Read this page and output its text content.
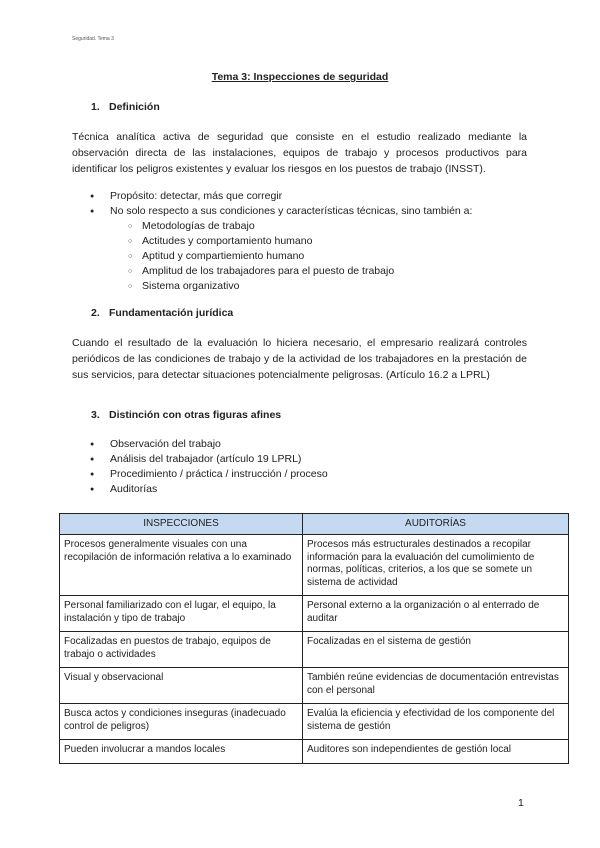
Seguridad. Tema 3
Tema 3: Inspecciones de seguridad
1. Definición
Técnica analítica activa de seguridad que consiste en el estudio realizado mediante la observación directa de las instalaciones, equipos de trabajo y procesos productivos para identificar los peligros existentes y evaluar los riesgos en los puestos de trabajo (INSST).
● Propósito: detectar, más que corregir
● No solo respecto a sus condiciones y características técnicas, sino también a:
○ Metodologías de trabajo
○ Actitudes y comportamiento humano
○ Aptitud y compartiemiento humano
○ Amplitud de los trabajadores para el puesto de trabajo
○ Sistema organizativo
2. Fundamentación jurídica
Cuando el resultado de la evaluación lo hiciera necesario, el empresario realizará controles periódicos de las condiciones de trabajo y de la actividad de los trabajadores en la prestación de sus servicios, para detectar situaciones potencialmente peligrosas. (Artículo 16.2 a LPRL)
3. Distinción con otras figuras afines
● Observación del trabajo
● Análisis del trabajador (artículo 19 LPRL)
● Procedimiento / práctica / instrucción / proceso
● Auditorías
INSPECCIONES	AUDITORÍAS
Procesos generalmente visuales con una recopilación de información relativa a lo examinado	Procesos más estructurales destinados a recopilar información para la evaluación del cumolimiento de normas, políticas, criterios, a los que se somete un sistema de actividad
Personal familiarizado con el lugar, el equipo, la instalación y tipo de trabajo	Personal externo a la organización o al enterrado de auditar
Focalizadas en puestos de trabajo, equipos de trabajo o actividades	Focalizadas en el sistema de gestión
Visual y observacional	También reúne evidencias de documentación entrevistas con el personal
Busca actos y condiciones inseguras (inadecuado control de peligros)	Evalúa la eficiencia y efectividad de los componente del sistema de gestión
Pueden involucrar a mandos locales	Auditores son independientes de gestión local
1
